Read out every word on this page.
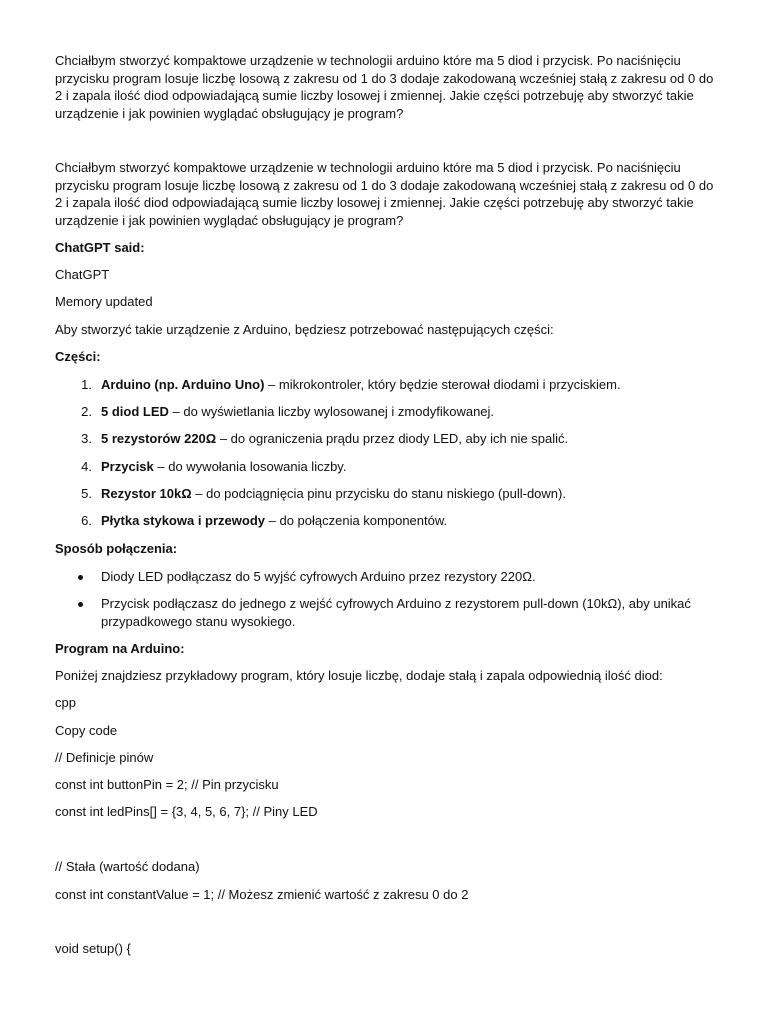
Chciałbym stworzyć kompaktowe urządzenie w technologii arduino które ma 5 diod i przycisk. Po naciśnięciu przycisku program losuje liczbę losową z zakresu od 1 do 3 dodaje zakodowaną wcześniej stałą z zakresu od 0 do 2 i zapala ilość diod odpowiadającą sumie liczby losowej i zmiennej. Jakie części potrzebuję aby stworzyć takie urządzenie i jak powinien wyglądać obsługujący je program?

Chciałbym stworzyć kompaktowe urządzenie w technologii arduino które ma 5 diod i przycisk. Po naciśnięciu przycisku program losuje liczbę losową z zakresu od 1 do 3 dodaje zakodowaną wcześniej stałą z zakresu od 0 do 2 i zapala ilość diod odpowiadającą sumie liczby losowej i zmiennej. Jakie części potrzebuję aby stworzyć takie urządzenie i jak powinien wyglądać obsługujący je program?

ChatGPT said:

ChatGPT

Memory updated

Aby stworzyć takie urządzenie z Arduino, będziesz potrzebować następujących części:

Części:

1. Arduino (np. Arduino Uno) – mikrokontroler, który będzie sterował diodami i przyciskiem.

2. 5 diod LED – do wyświetlania liczby wylosowanej i zmodyfikowanej.

3. 5 rezystorów 220Ω – do ograniczenia prądu przez diody LED, aby ich nie spalić.

4. Przycisk – do wywołania losowania liczby.

5. Rezystor 10kΩ – do podciągnięcia pinu przycisku do stanu niskiego (pull-down).

6. Płytka stykowa i przewody – do połączenia komponentów.

Sposób połączenia:

Diody LED podłączasz do 5 wyjść cyfrowych Arduino przez rezystory 220Ω.

Przycisk podłączasz do jednego z wejść cyfrowych Arduino z rezystorem pull-down (10kΩ), aby unikać przypadkowego stanu wysokiego.

Program na Arduino:

Poniżej znajdziesz przykładowy program, który losuje liczbę, dodaje stałą i zapala odpowiednią ilość diod:

cpp

Copy code

// Definicje pinów

const int buttonPin = 2; // Pin przycisku

const int ledPins[] = {3, 4, 5, 6, 7}; // Piny LED

// Stała (wartość dodana)

const int constantValue = 1; // Możesz zmienić wartość z zakresu 0 do 2

void setup() {
